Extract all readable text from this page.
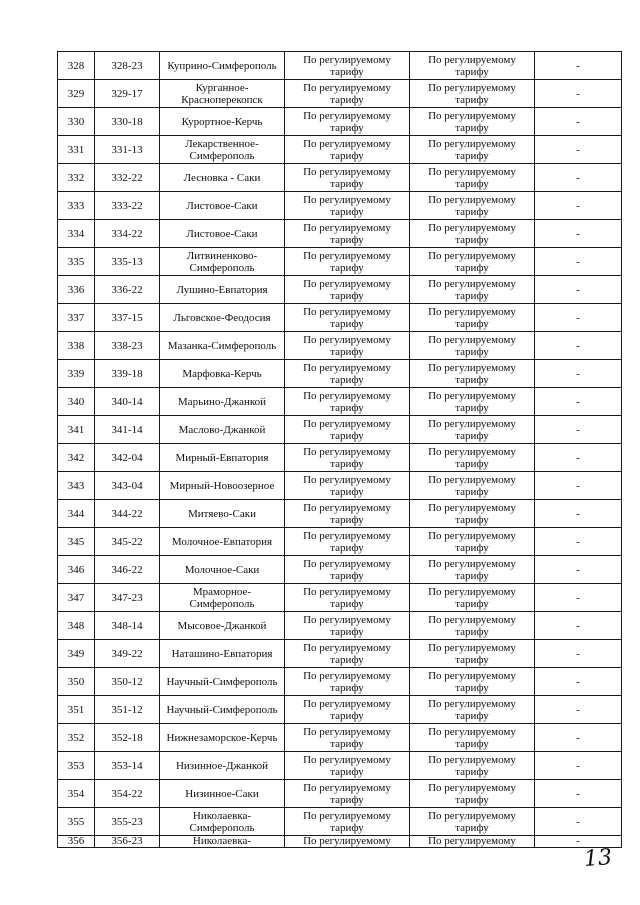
328	328-23	Куприно-Симферополь	По регулируемому тарифу	По регулируемому тарифу	-
329	329-17	Курганное-Красноперекопск	По регулируемому тарифу	По регулируемому тарифу	-
330	330-18	Курортное-Керчь	По регулируемому тарифу	По регулируемому тарифу	-
331	331-13	Лекарственное-Симферополь	По регулируемому тарифу	По регулируемому тарифу	-
332	332-22	Лесновка - Саки	По регулируемому тарифу	По регулируемому тарифу	-
333	333-22	Листовое-Саки	По регулируемому тарифу	По регулируемому тарифу	-
334	334-22	Листовое-Саки	По регулируемому тарифу	По регулируемому тарифу	-
335	335-13	Литвиненково-Симферополь	По регулируемому тарифу	По регулируемому тарифу	-
336	336-22	Лушино-Евпатория	По регулируемому тарифу	По регулируемому тарифу	-
337	337-15	Льговское-Феодосия	По регулируемому тарифу	По регулируемому тарифу	-
338	338-23	Мазанка-Симферополь	По регулируемому тарифу	По регулируемому тарифу	-
339	339-18	Марфовка-Керчь	По регулируемому тарифу	По регулируемому тарифу	-
340	340-14	Марьино-Джанкой	По регулируемому тарифу	По регулируемому тарифу	-
341	341-14	Маслово-Джанкой	По регулируемому тарифу	По регулируемому тарифу	-
342	342-04	Мирный-Евпатория	По регулируемому тарифу	По регулируемому тарифу	-
343	343-04	Мирный-Новоозерное	По регулируемому тарифу	По регулируемому тарифу	-
344	344-22	Митяево-Саки	По регулируемому тарифу	По регулируемому тарифу	-
345	345-22	Молочное-Евпатория	По регулируемому тарифу	По регулируемому тарифу	-
346	346-22	Молочное-Саки	По регулируемому тарифу	По регулируемому тарифу	-
347	347-23	Мраморное-Симферополь	По регулируемому тарифу	По регулируемому тарифу	-
348	348-14	Мысовое-Джанкой	По регулируемому тарифу	По регулируемому тарифу	-
349	349-22	Наташино-Евпатория	По регулируемому тарифу	По регулируемому тарифу	-
350	350-12	Научный-Симферополь	По регулируемому тарифу	По регулируемому тарифу	-
351	351-12	Научный-Симферополь	По регулируемому тарифу	По регулируемому тарифу	-
352	352-18	Нижнезаморское-Керчь	По регулируемому тарифу	По регулируемому тарифу	-
353	353-14	Низинное-Джанкой	По регулируемому тарифу	По регулируемому тарифу	-
354	354-22	Низинное-Саки	По регулируемому тарифу	По регулируемому тарифу	-
355	355-23	Николаевка-Симферополь	По регулируемому тарифу	По регулируемому тарифу	-
356	356-23	Николаевка-	По регулируемому	По регулируемому	-
13
